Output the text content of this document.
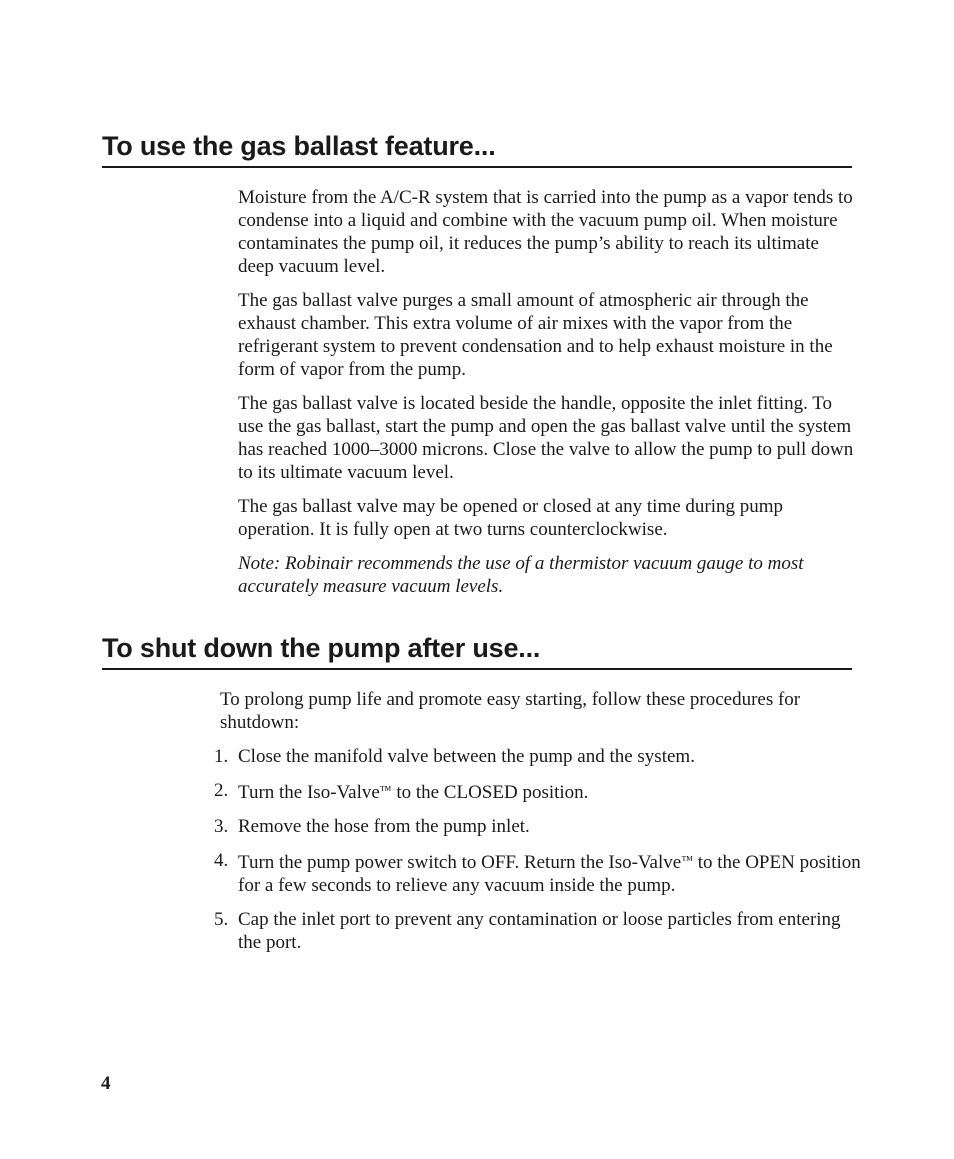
To use the gas ballast feature...

Moisture from the A/C-R system that is carried into the pump as a vapor tends to condense into a liquid and combine with the vacuum pump oil. When moisture contaminates the pump oil, it reduces the pump’s ability to reach its ultimate deep vacuum level.

The gas ballast valve purges a small amount of atmospheric air through the exhaust chamber. This extra volume of air mixes with the vapor from the refrigerant system to prevent condensation and to help exhaust moisture in the form of vapor from the pump.

The gas ballast valve is located beside the handle, opposite the inlet fitting. To use the gas ballast, start the pump and open the gas ballast valve until the system has reached 1000–3000 microns. Close the valve to allow the pump to pull down to its ultimate vacuum level.

The gas ballast valve may be opened or closed at any time during pump operation. It is fully open at two turns counterclockwise.

Note: Robinair recommends the use of a thermistor vacuum gauge to most accurately measure vacuum levels.

To shut down the pump after use...

To prolong pump life and promote easy starting, follow these procedures for shutdown:

1. Close the manifold valve between the pump and the system.
2. Turn the Iso-Valve™ to the CLOSED position.
3. Remove the hose from the pump inlet.
4. Turn the pump power switch to OFF. Return the Iso-Valve™ to the OPEN position for a few seconds to relieve any vacuum inside the pump.
5. Cap the inlet port to prevent any contamination or loose particles from entering the port.
4
